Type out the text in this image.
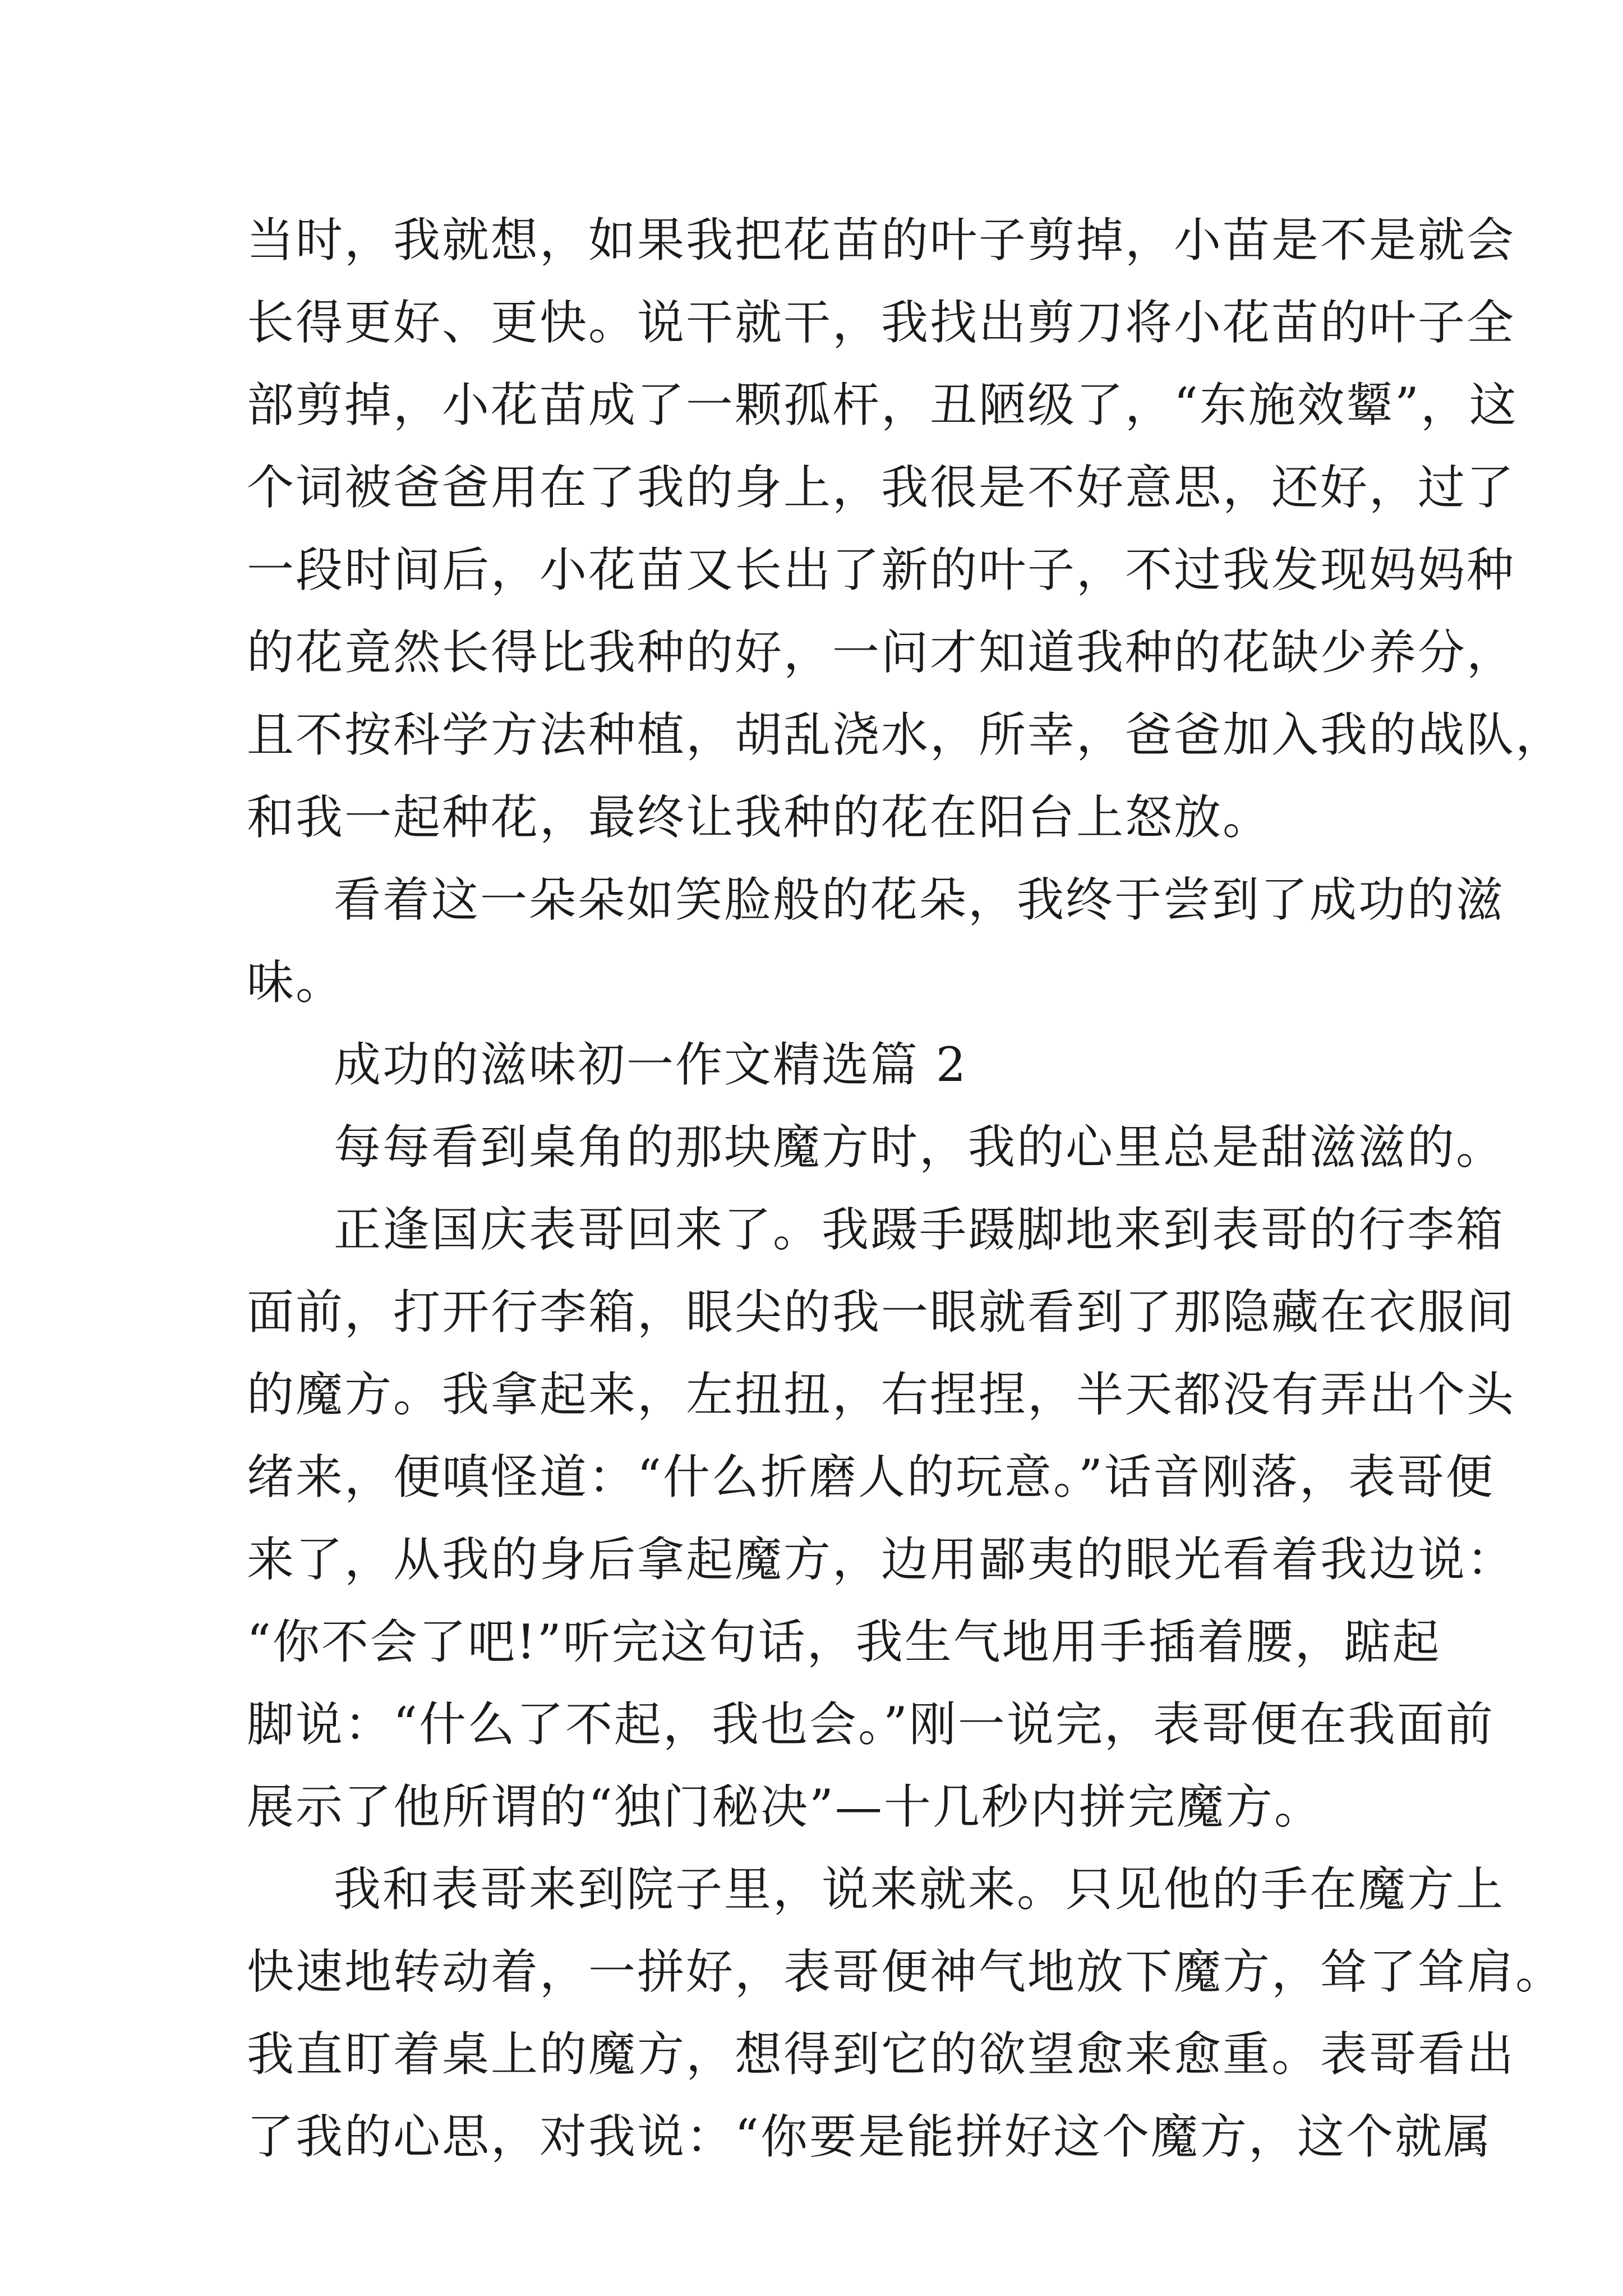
当时，我就想，如果我把花苗的叶子剪掉，小苗是不是就会
长得更好、更快。说干就干，我找出剪刀将小花苗的叶子全
部剪掉，小花苗成了一颗孤杆，丑陋级了，“东施效颦”，这
个词被爸爸用在了我的身上，我很是不好意思，还好，过了
一段时间后，小花苗又长出了新的叶子，不过我发现妈妈种
的花竟然长得比我种的好，一问才知道我种的花缺少养分，
且不按科学方法种植，胡乱浇水，所幸，爸爸加入我的战队，
和我一起种花，最终让我种的花在阳台上怒放。
看着这一朵朵如笑脸般的花朵，我终于尝到了成功的滋
味。
成功的滋味初一作文精选篇 2
每每看到桌角的那块魔方时，我的心里总是甜滋滋的。
正逢国庆表哥回来了。我蹑手蹑脚地来到表哥的行李箱
面前，打开行李箱，眼尖的我一眼就看到了那隐藏在衣服间
的魔方。我拿起来，左扭扭，右捏捏，半天都没有弄出个头
绪来，便嗔怪道：“什么折磨人的玩意。”话音刚落，表哥便
来了，从我的身后拿起魔方，边用鄙夷的眼光看着我边说：
“你不会了吧!”听完这句话，我生气地用手插着腰，踮起
脚说：“什么了不起，我也会。”刚一说完，表哥便在我面前
展示了他所谓的“独门秘决”—十几秒内拼完魔方。
我和表哥来到院子里，说来就来。只见他的手在魔方上
快速地转动着，一拼好，表哥便神气地放下魔方，耸了耸肩。
我直盯着桌上的魔方，想得到它的欲望愈来愈重。表哥看出
了我的心思，对我说：“你要是能拼好这个魔方，这个就属
